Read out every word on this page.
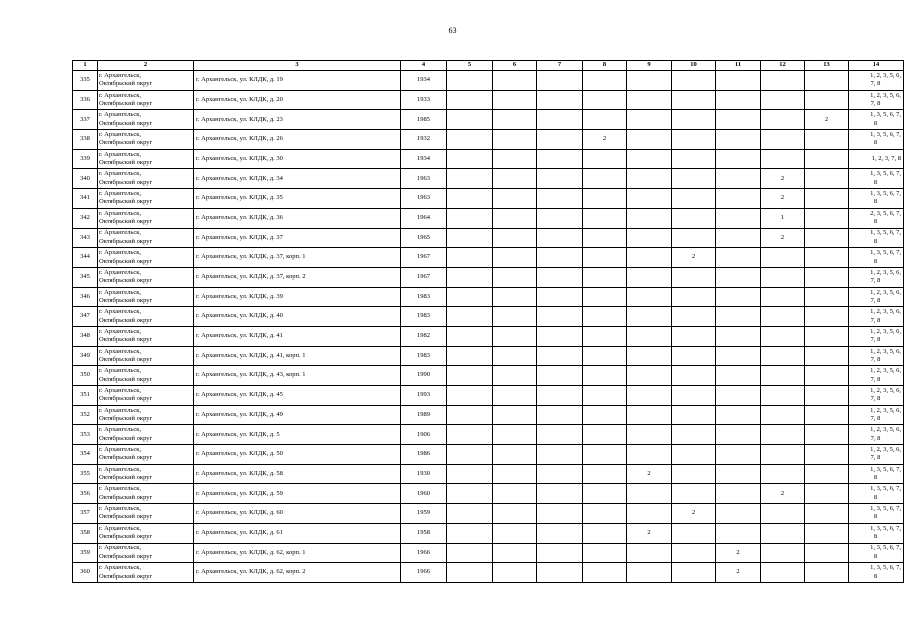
63
1	2	3	4	5	6	7	8	9	10	11	12	13	14
335	г. Архангельск,
Октябрьский округ	г. Архангельск, ул. КЛДК, д. 19	1934										1, 2, 3, 5, 6,
7, 8

336	г. Архангельск,
Октябрьский округ	г. Архангельск, ул. КЛДК, д. 20	1933										1, 2, 3, 5, 6,
7, 8

337	г. Архангельск,
Октябрьский округ	г. Архангельск, ул. КЛДК, д. 23	1985									2	1, 3, 5, 6, 7,
8

338	г. Архангельск,
Октябрьский округ	г. Архангельск, ул. КЛДК, д. 26	1932				2						1, 3, 5, 6, 7,
8

339	г. Архангельск,
Октябрьский округ	г. Архангельск, ул. КЛДК, д. 30	1934										1, 2, 3, 7, 8

340	г. Архангельск,
Октябрьский округ	г. Архангельск, ул. КЛДК, д. 34	1963								2		1, 3, 5, 6, 7,
8

341	г. Архангельск,
Октябрьский округ	г. Архангельск, ул. КЛДК, д. 35	1963								2		1, 3, 5, 6, 7,
8

342	г. Архангельск,
Октябрьский округ	г. Архангельск, ул. КЛДК, д. 36	1964								1		2, 3, 5, 6, 7,
8

343	г. Архангельск,
Октябрьский округ	г. Архангельск, ул. КЛДК, д. 37	1965								2		1, 3, 5, 6, 7,
8

344	г. Архангельск,
Октябрьский округ	г. Архангельск, ул. КЛДК, д. 37, корп. 1	1967						2				1, 3, 5, 6, 7,
8

345	г. Архангельск,
Октябрьский округ	г. Архангельск, ул. КЛДК, д. 37, корп. 2	1967										1, 2, 3, 5, 6,
7, 8

346	г. Архангельск,
Октябрьский округ	г. Архангельск, ул. КЛДК, д. 39	1983										1, 2, 3, 5, 6,
7, 8

347	г. Архангельск,
Октябрьский округ	г. Архангельск, ул. КЛДК, д. 40	1983										1, 2, 3, 5, 6,
7, 8

348	г. Архангельск,
Октябрьский округ	г. Архангельск, ул. КЛДК, д. 41	1982										1, 2, 3, 5, 6,
7, 8

349	г. Архангельск,
Октябрьский округ	г. Архангельск, ул. КЛДК, д. 41, корп. 1	1983										1, 2, 3, 5, 6,
7, 8

350	г. Архангельск,
Октябрьский округ	г. Архангельск, ул. КЛДК, д. 43, корп. 1	1990										1, 2, 3, 5, 6,
7, 8

351	г. Архангельск,
Октябрьский округ	г. Архангельск, ул. КЛДК, д. 45	1993										1, 2, 3, 5, 6,
7, 8

352	г. Архангельск,
Октябрьский округ	г. Архангельск, ул. КЛДК, д. 49	1989										1, 2, 3, 5, 6,
7, 8

353	г. Архангельск,
Октябрьский округ	г. Архангельск, ул. КЛДК, д. 5	1906										1, 2, 3, 5, 6,
7, 8

354	г. Архангельск,
Октябрьский округ	г. Архангельск, ул. КЛДК, д. 50	1986										1, 2, 3, 5, 6,
7, 8

355	г. Архангельск,
Октябрьский округ	г. Архангельск, ул. КЛДК, д. 58	1930					2					1, 3, 5, 6, 7,
8

356	г. Архангельск,
Октябрьский округ	г. Архангельск, ул. КЛДК, д. 59	1960								2		1, 3, 5, 6, 7,
8

357	г. Архангельск,
Октябрьский округ	г. Архангельск, ул. КЛДК, д. 60	1959						2				1, 3, 5, 6, 7,
8

358	г. Архангельск,
Октябрьский округ	г. Архангельск, ул. КЛДК, д. 61	1958					2					1, 3, 5, 6, 7,
8

359	г. Архангельск,
Октябрьский округ	г. Архангельск, ул. КЛДК, д. 62, корп. 1	1966							2			1, 3, 5, 6, 7,
8

360	г. Архангельск,
Октябрьский округ	г. Архангельск, ул. КЛДК, д. 62, корп. 2	1966							2			1, 3, 5, 6, 7,
8
